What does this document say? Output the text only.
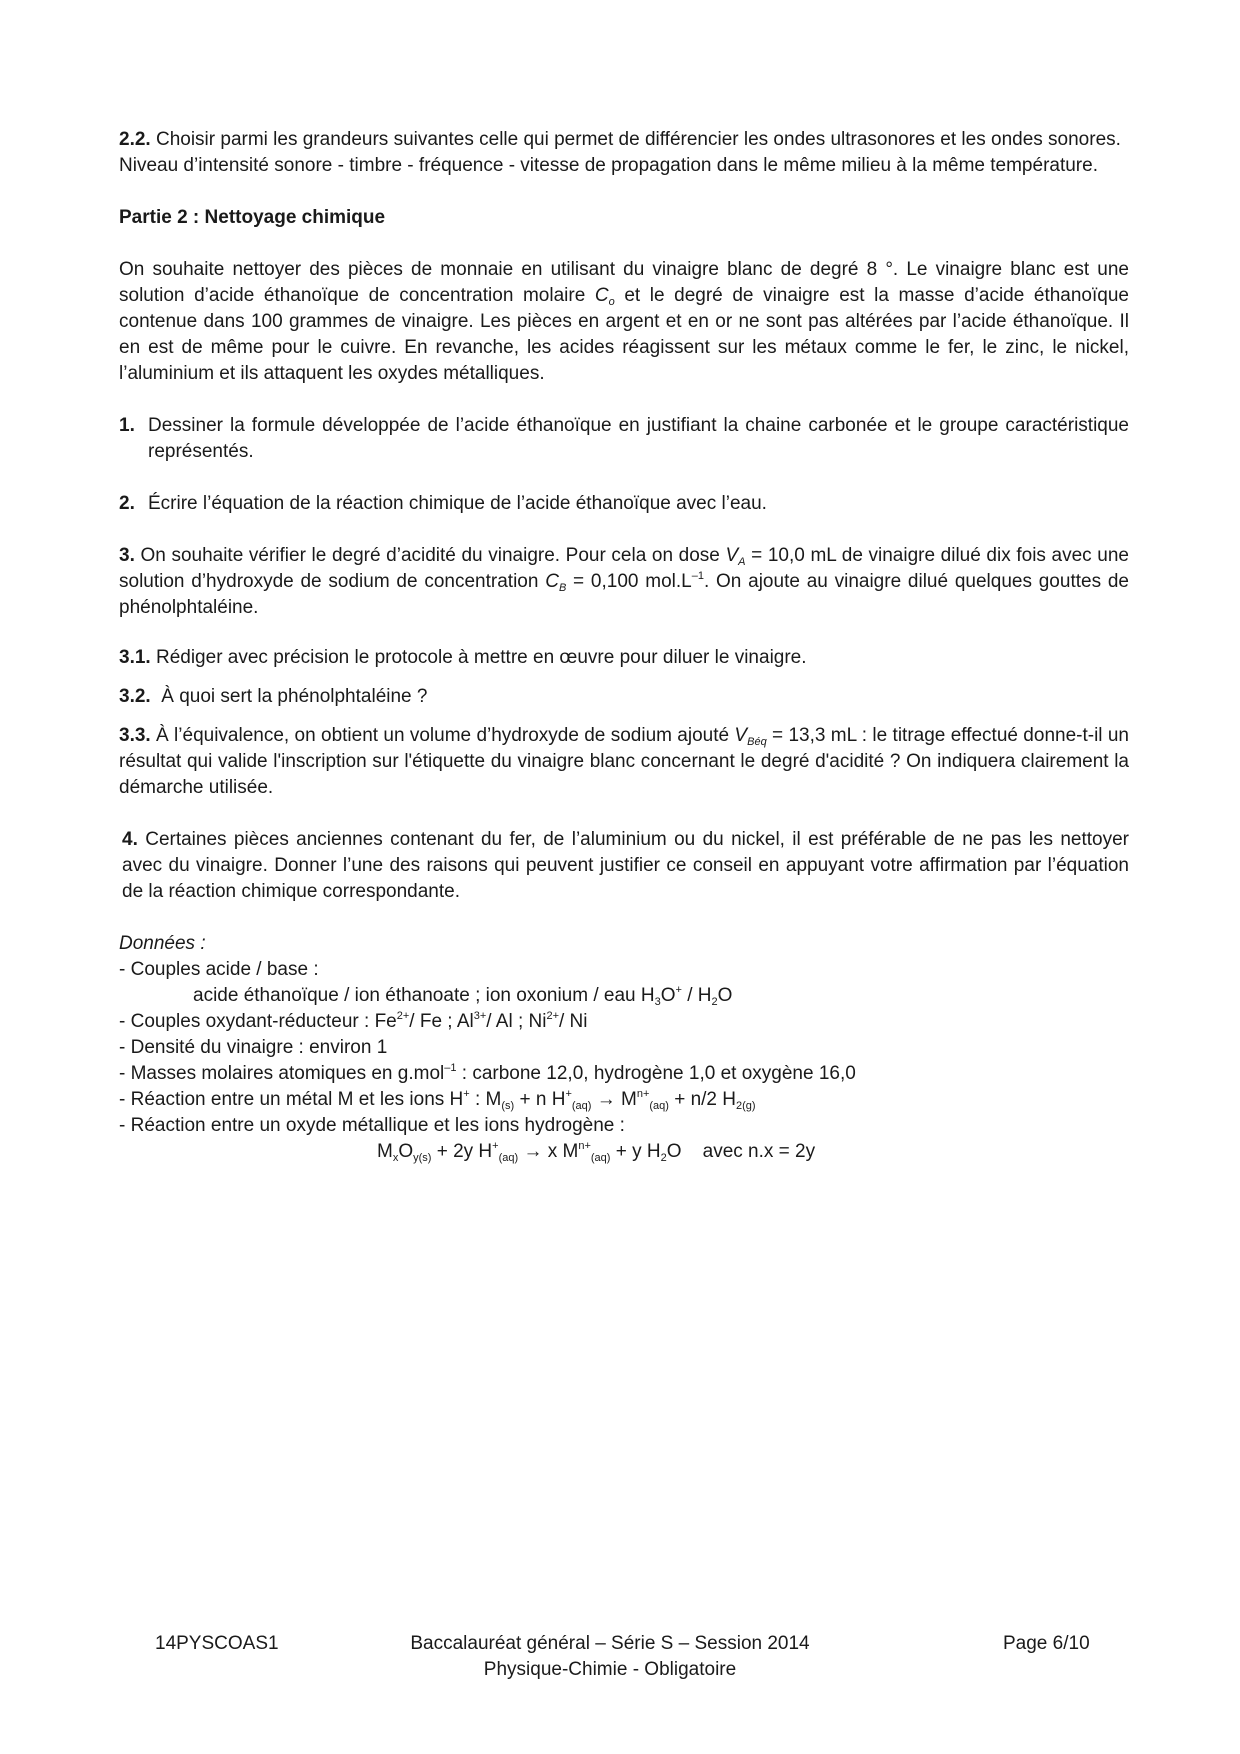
2.2. Choisir parmi les grandeurs suivantes celle qui permet de différencier les ondes ultrasonores et les ondes sonores.

Niveau d’intensité sonore - timbre - fréquence - vitesse de propagation dans le même milieu à la même température.

Partie 2 : Nettoyage chimique

On souhaite nettoyer des pièces de monnaie en utilisant du vinaigre blanc de degré 8 °. Le vinaigre blanc est une solution d’acide éthanoïque de concentration molaire $C_o$ et le degré de vinaigre est la masse d’acide éthanoïque contenue dans 100 grammes de vinaigre. Les pièces en argent et en or ne sont pas altérées par l’acide éthanoïque. Il en est de même pour le cuivre. En revanche, les acides réagissent sur les métaux comme le fer, le zinc, le nickel, l’aluminium et ils attaquent les oxydes métalliques.

1. Dessiner la formule développée de l’acide éthanoïque en justifiant la chaine carbonée et le groupe caractéristique représentés.

2. Écrire l’équation de la réaction chimique de l’acide éthanoïque avec l’eau.

3. On souhaite vérifier le degré d’acidité du vinaigre. Pour cela on dose $V_A = 10,0$ mL de vinaigre dilué dix fois avec une solution d’hydroxyde de sodium de concentration $C_B = 0,100$ $mol.L^{-1}$. On ajoute au vinaigre dilué quelques gouttes de phénolphtaléine.

3.1. Rédiger avec précision le protocole à mettre en œuvre pour diluer le vinaigre.

3.2.  À quoi sert la phénolphtaléine ?

3.3. À l’équivalence, on obtient un volume d’hydroxyde de sodium ajouté $V_{Béq} = 13,3$ mL : le titrage effectué donne-t-il un résultat qui valide l'inscription sur l'étiquette du vinaigre blanc concernant le degré d'acidité ? On indiquera clairement la démarche utilisée.

4. Certaines pièces anciennes contenant du fer, de l’aluminium ou du nickel, il est préférable de ne pas les nettoyer avec du vinaigre. Donner l’une des raisons qui peuvent justifier ce conseil en appuyant votre affirmation par l’équation de la réaction chimique correspondante.

Données :

- Couples acide / base :

acide éthanoïque / ion éthanoate ; ion oxonium / eau $H_3O^+ / H_2O$

- Couples oxydant-réducteur : $Fe^{2+}/$ Fe ; $Al^{3+}/$ Al ; $Ni^{2+}/$ Ni

- Densité du vinaigre : environ 1

- Masses molaires atomiques en g.mol$^{-1}$ : carbone 12,0, hydrogène 1,0 et oxygène 16,0

- Réaction entre un métal M et les ions H+ : $M_{(s)} + n$ $H^+_{(aq)} \to M^{n+}_{(aq)} + n/2$ $H_{2(g)}$

- Réaction entre un oxyde métallique et les ions hydrogène :

$M_xO_{y(s)} + 2y$ $H^+_{(aq)} \to x$ $M^{n+}_{(aq)} + y$ $H_2O$    avec n.x = 2y

14PYSCOAS1	Baccalauréat général – Série S – Session 2014
Physique-Chimie - Obligatoire
Page 6/10
